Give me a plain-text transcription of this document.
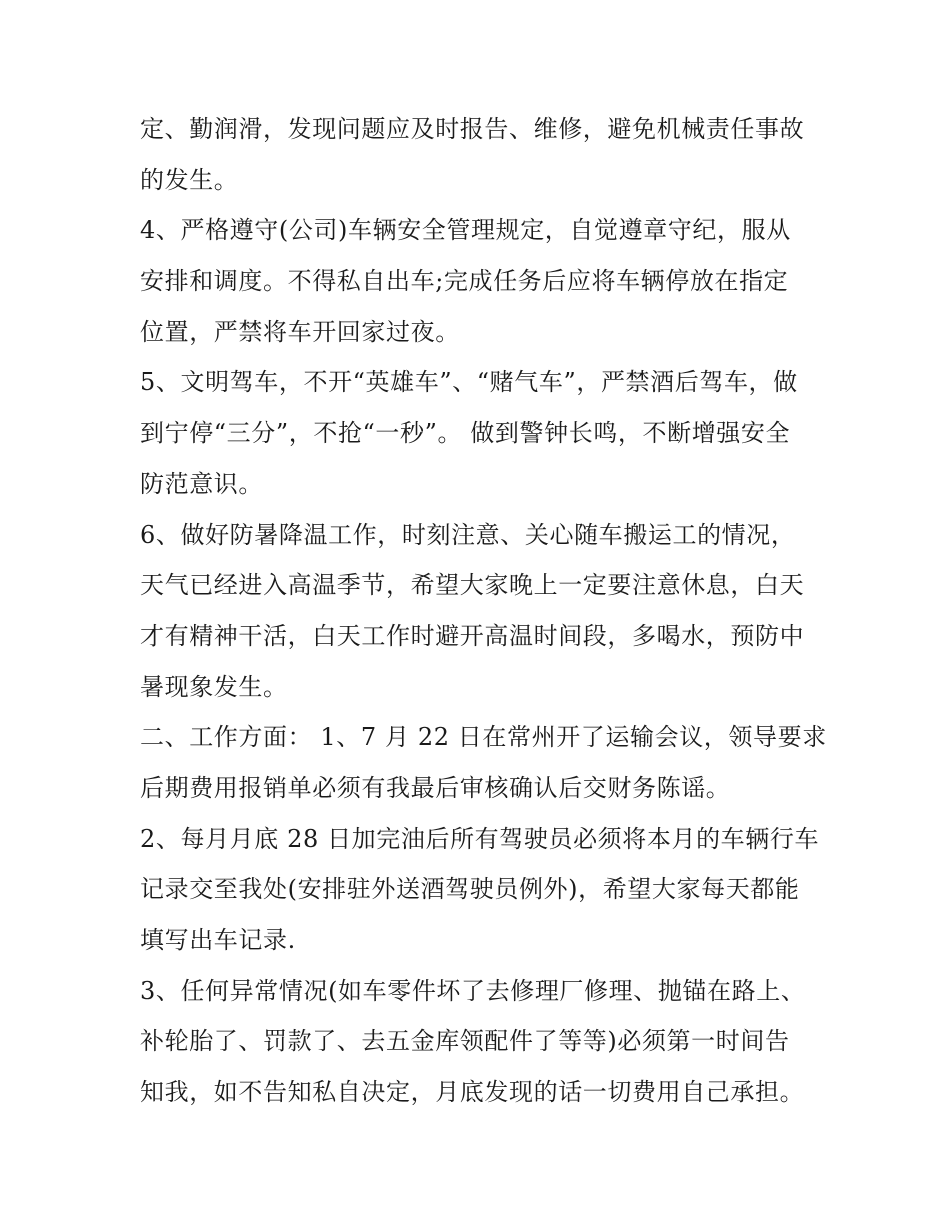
定、勤润滑，发现问题应及时报告、维修，避免机械责任事故
的发生。
4、严格遵守(公司)车辆安全管理规定，自觉遵章守纪，服从
安排和调度。不得私自出车;完成任务后应将车辆停放在指定
位置，严禁将车开回家过夜。
5、文明驾车，不开“英雄车”、“赌气车”，严禁酒后驾车，做
到宁停“三分”，不抢“一秒”。 做到警钟长鸣，不断增强安全
防范意识。
6、做好防暑降温工作，时刻注意、关心随车搬运工的情况，
天气已经进入高温季节，希望大家晚上一定要注意休息，白天
才有精神干活，白天工作时避开高温时间段，多喝水，预防中
暑现象发生。
二、工作方面： 1、7 月 22 日在常州开了运输会议，领导要求
后期费用报销单必须有我最后审核确认后交财务陈谣。
2、每月月底 28 日加完油后所有驾驶员必须将本月的车辆行车
记录交至我处(安排驻外送酒驾驶员例外)，希望大家每天都能
填写出车记录.
3、任何异常情况(如车零件坏了去修理厂修理、抛锚在路上、
补轮胎了、罚款了、去五金库领配件了等等)必须第一时间告
知我，如不告知私自决定，月底发现的话一切费用自己承担。
